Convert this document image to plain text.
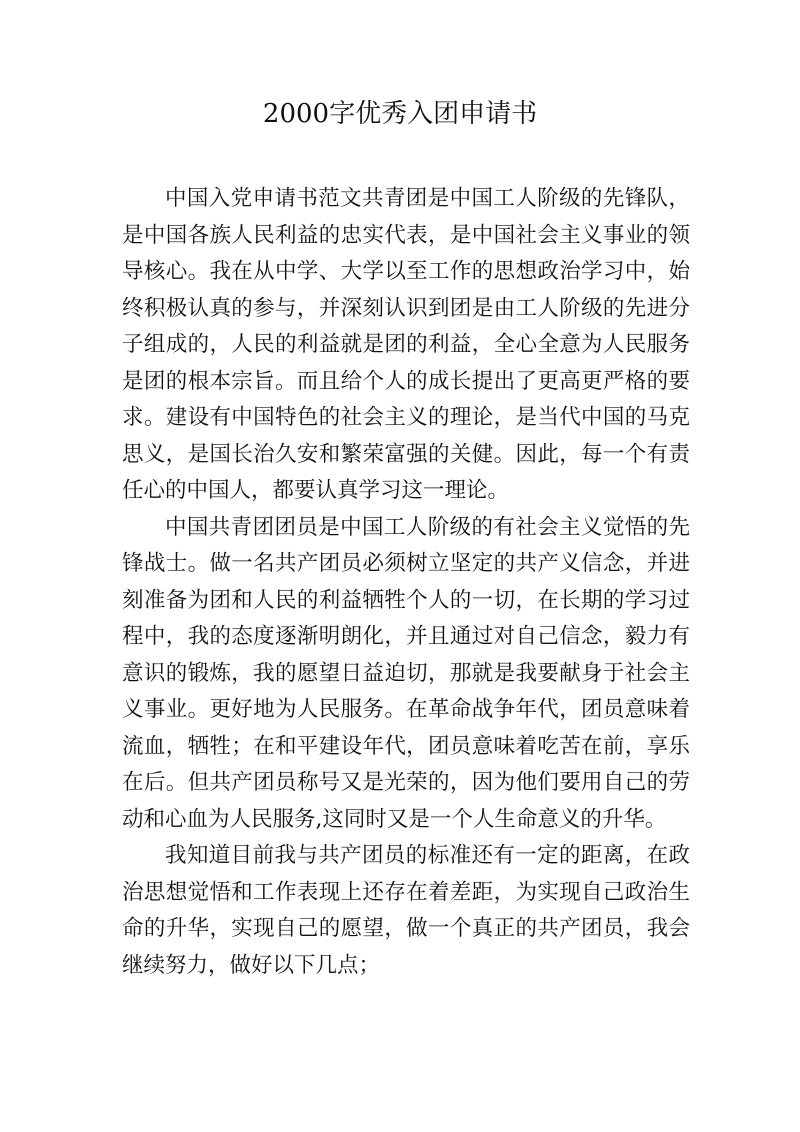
2000字优秀入团申请书

中国入党申请书范文共青团是中国工人阶级的先锋队，是中国各族人民利益的忠实代表，是中国社会主义事业的领导核心。我在从中学、大学以至工作的思想政治学习中，始终积极认真的参与，并深刻认识到团是由工人阶级的先进分子组成的，人民的利益就是团的利益，全心全意为人民服务是团的根本宗旨。而且给个人的成长提出了更高更严格的要求。建设有中国特色的社会主义的理论，是当代中国的马克思义，是国长治久安和繁荣富强的关健。因此，每一个有责任心的中国人，都要认真学习这一理论。

中国共青团团员是中国工人阶级的有社会主义觉悟的先锋战士。做一名共产团员必须树立坚定的共产义信念，并进刻准备为团和人民的利益牺牲个人的一切，在长期的学习过程中，我的态度逐渐明朗化，并且通过对自己信念，毅力有意识的锻炼，我的愿望日益迫切，那就是我要献身于社会主义事业。更好地为人民服务。在革命战争年代，团员意味着流血，牺牲；在和平建设年代，团员意味着吃苦在前，享乐在后。但共产团员称号又是光荣的，因为他们要用自己的劳动和心血为人民服务,这同时又是一个人生命意义的升华。

我知道目前我与共产团员的标准还有一定的距离，在政治思想觉悟和工作表现上还存在着差距，为实现自己政治生命的升华，实现自己的愿望，做一个真正的共产团员，我会继续努力，做好以下几点；
